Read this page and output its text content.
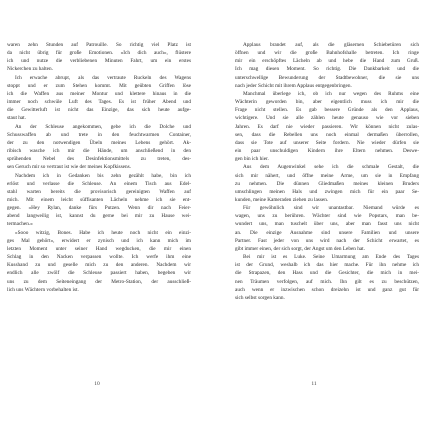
waren zehn Stunden auf Patrouille. So richtig viel Platz ist
da nicht übrig für große Emotionen. »Ich dich auch«, flüstere
ich und nutze die verbliebenen Minuten Fahrt, um ein erstes
Nickerchen zu halten.
Ich erwache abrupt, als das vertraute Ruckeln des Wagens
stoppt und er zum Stehen kommt. Mit geübten Griffen löse
ich die Waffen aus meiner Montur und klettere hinaus in die
immer noch schwüle Luft des Tages. Es ist früher Abend und
die Gewitterluft ist nicht das Einzige, das sich heute aufge-
staut hat.
An der Schleuse angekommen, gebe ich die Dolche und
Schusswaffen ab und trete in den feuchtwarmen Container,
der zu den notwendigen Übeln meines Lebens gehört. Ak-
ribisch wasche ich mir die Hände, um anschließend in den
sprühenden Nebel des Desinfektionsmittels zu treten, des-
sen Geruch mir so vertraut ist wie der meines Kopfkissens.
Nachdem ich in Gedanken bis zehn gezählt habe, bin ich
erlöst und verlasse die Schleuse. An einem Tisch aus Edel-
stahl warten bereits die provisorisch gereinigten Waffen auf
mich. Mit einem leicht süffisanten Lächeln nehme ich sie ent-
gegen. »Hey Rylan, danke fürs Putzen. Wenn dir nach Feier-
abend langweilig ist, kannst du gerne bei mir zu Hause wei-
termachen.«
»Sooo witzig, Bones. Habe ich heute noch nicht ein einzi-
ges Mal gehört«, erwidert er zynisch und ich kann mich im
letzten Moment unter seiner Hand wegducken, die mir einen
Schlag in den Nacken verpassen wollte. Ich werfe ihm eine
Kusshand zu und geselle mich zu den anderen. Nachdem wir
endlich alle zwölf die Schleuse passiert haben, begeben wir
uns zu dem Seiteneingang der Metro-Station, der ausschließ-
lich uns Wächtern vorbehalten ist.
10
Applaus brandet auf, als die gläsernen Schiebetüren sich
öffnen und wir die große Bahnhofshalle betreten. Ich ringe
mir ein erschöpftes Lächeln ab und hebe die Hand zum Gruß.
Ich mag diesen Moment. So richtig. Die Dankbarkeit und die
unterschwellige Bewunderung der Stadtbewohner, die sie uns
nach jeder Schicht mit ihrem Applaus entgegenbringen.
Manchmal überlege ich, ob ich nur wegen des Ruhms eine
Wächterin geworden bin, aber eigentlich muss ich mir die
Frage nicht stellen. Es gab bessere Gründe als den Applaus,
wichtigere. Und sie alle zählen heute genauso wie vor sieben
Jahren. Es darf nie wieder passieren. Wir können nicht zulas-
sen, dass die Rebellen uns noch einmal dermaßen überrollen,
dass sie Tote auf unserer Seite fordern. Nie wieder dürfen sie
ein paar unschuldigen Kindern ihre Eltern nehmen. Deswe-
gen bin ich hier.
Aus dem Augenwinkel sehe ich die schmale Gestalt, die
sich mir nähert, und öffne meine Arme, um sie in Empfang
zu nehmen. Die dünnen Gliedmaßen meines kleinen Bruders
umschlingen meinen Hals und zwingen mich für ein paar Se-
kunden, meine Kameraden ziehen zu lassen.
Für gewöhnlich sind wir unantastbar. Niemand würde es
wagen, uns zu berühren. Wächter sind wie Popstars, man be-
wundert uns, man tuschelt über uns, aber man fasst uns nicht
an. Die einzige Ausnahme sind unsere Familien und unsere
Partner. Fast jeder von uns wird nach der Schicht erwartet, es
gibt immer einen, der sich sorgt, der Angst um den Leben hat.
Bei mir ist es Luke. Seine Umarmung am Ende des Tages
ist der Grund, weshalb ich das hier mache. Für ihn nehme ich
die Strapazen, den Hass und die Gesichter, die mich in mei-
nen Träumen verfolgen, auf mich. Ihn gilt es zu beschützen,
auch wenn er inzwischen schon dreizehn ist und ganz gut für
sich selbst sorgen kann.
11
